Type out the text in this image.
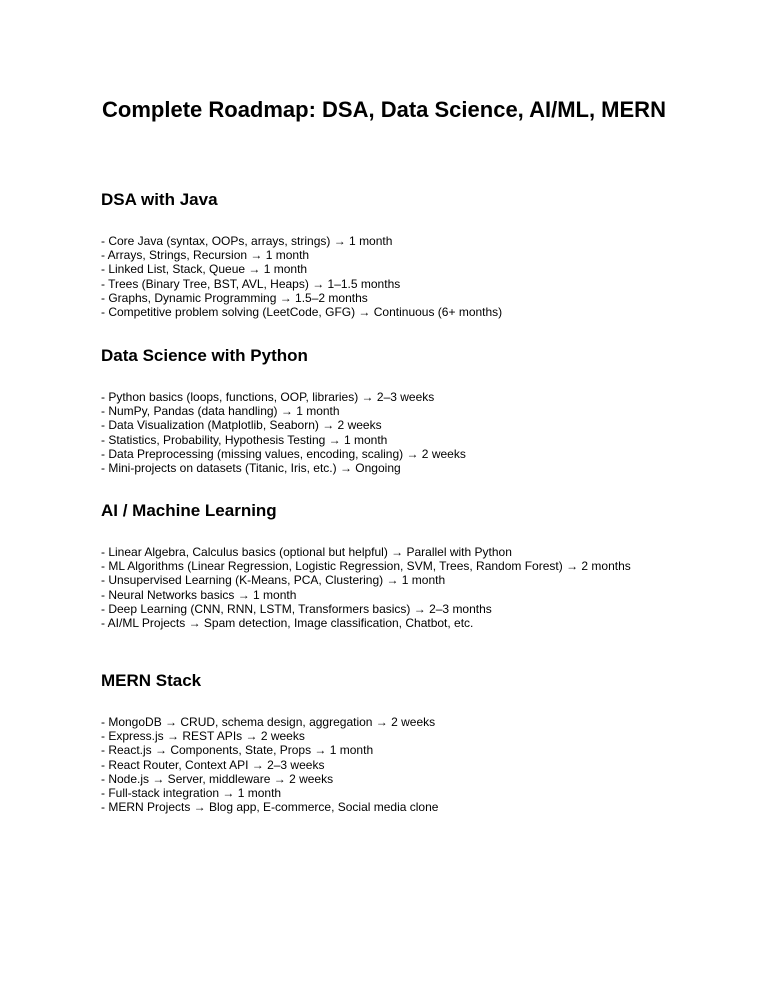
Complete Roadmap: DSA, Data Science, AI/ML, MERN
DSA with Java
- Core Java (syntax, OOPs, arrays, strings) → 1 month
- Arrays, Strings, Recursion → 1 month
- Linked List, Stack, Queue → 1 month
- Trees (Binary Tree, BST, AVL, Heaps) → 1–1.5 months
- Graphs, Dynamic Programming → 1.5–2 months
- Competitive problem solving (LeetCode, GFG) → Continuous (6+ months)
Data Science with Python
- Python basics (loops, functions, OOP, libraries) → 2–3 weeks
- NumPy, Pandas (data handling) → 1 month
- Data Visualization (Matplotlib, Seaborn) → 2 weeks
- Statistics, Probability, Hypothesis Testing → 1 month
- Data Preprocessing (missing values, encoding, scaling) → 2 weeks
- Mini-projects on datasets (Titanic, Iris, etc.) → Ongoing
AI / Machine Learning
- Linear Algebra, Calculus basics (optional but helpful) → Parallel with Python
- ML Algorithms (Linear Regression, Logistic Regression, SVM, Trees, Random Forest) → 2 months
- Unsupervised Learning (K-Means, PCA, Clustering) → 1 month
- Neural Networks basics → 1 month
- Deep Learning (CNN, RNN, LSTM, Transformers basics) → 2–3 months
- AI/ML Projects → Spam detection, Image classification, Chatbot, etc.
MERN Stack
- MongoDB → CRUD, schema design, aggregation → 2 weeks
- Express.js → REST APIs → 2 weeks
- React.js → Components, State, Props → 1 month
- React Router, Context API → 2–3 weeks
- Node.js → Server, middleware → 2 weeks
- Full-stack integration → 1 month
- MERN Projects → Blog app, E-commerce, Social media clone
